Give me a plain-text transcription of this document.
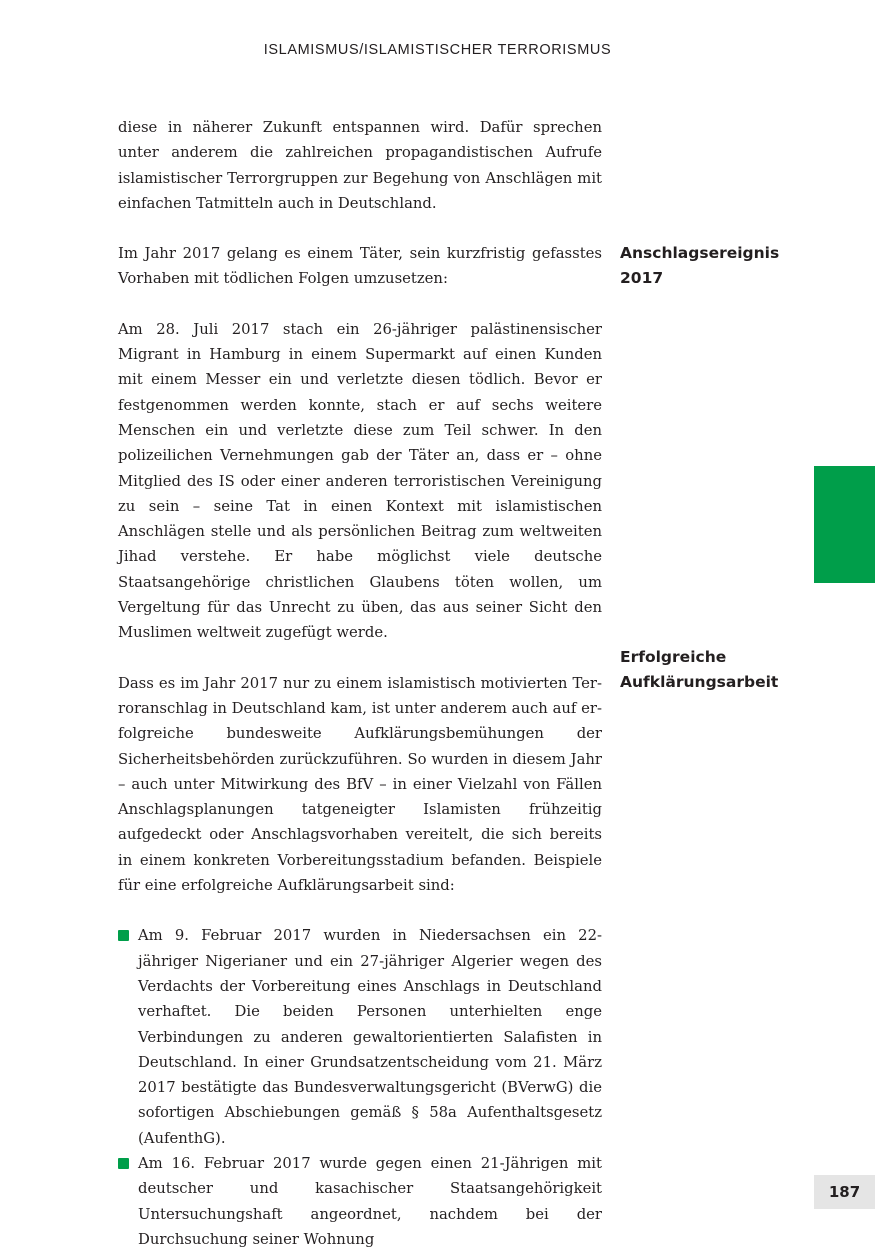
ISLAMISMUS/ISLAMISTISCHER TERRORISMUS

diese in näherer Zukunft entspannen wird. Dafür sprechen unter anderem die zahlreichen propagandistischen Aufrufe islamistischer Terrorgruppen zur Begehung von Anschlägen mit einfachen Tatmitteln auch in Deutschland.

Im Jahr 2017 gelang es einem Täter, sein kurzfristig gefasstes Vorhaben mit tödlichen Folgen umzusetzen:

Am 28. Juli 2017 stach ein 26-jähriger palästinensischer Migrant in Hamburg in einem Supermarkt auf einen Kunden mit einem Messer ein und verletzte diesen tödlich. Bevor er festgenommen werden konnte, stach er auf sechs weitere Menschen ein und verletzte diese zum Teil schwer. In den polizeilichen Vernehmungen gab der Täter an, dass er – ohne Mitglied des IS oder einer anderen terroristischen Vereinigung zu sein – seine Tat in einen Kontext mit islamistischen Anschlägen stelle und als persönlichen Beitrag zum weltweiten Jihad verstehe. Er habe möglichst viele deutsche Staatsangehörige christlichen Glaubens töten wollen, um Vergeltung für das Unrecht zu üben, das aus seiner Sicht den Muslimen weltweit zugefügt werde.

Dass es im Jahr 2017 nur zu einem islamistisch motivierten Terroranschlag in Deutschland kam, ist unter anderem auch auf erfolgreiche bundesweite Aufklärungsbemühungen der Sicherheitsbehörden zurückzuführen. So wurden in diesem Jahr – auch unter Mitwirkung des BfV – in einer Vielzahl von Fällen Anschlagsplanungen tatgeneigter Islamisten frühzeitig aufgedeckt oder Anschlagsvorhaben vereitelt, die sich bereits in einem konkreten Vorbereitungsstadium befanden. Beispiele für eine erfolgreiche Aufklärungsarbeit sind:

Am 9. Februar 2017 wurden in Niedersachsen ein 22-jähriger Nigerianer und ein 27-jähriger Algerier wegen des Verdachts der Vorbereitung eines Anschlags in Deutschland verhaftet. Die beiden Personen unterhielten enge Verbindungen zu anderen gewaltorientierten Salafisten in Deutschland. In einer Grundsatzentscheidung vom 21. März 2017 bestätigte das Bundesverwaltungsgericht (BVerwG) die sofortigen Abschiebungen gemäß § 58a Aufenthaltsgesetz (AufenthG).
Am 16. Februar 2017 wurde gegen einen 21-Jährigen mit deutscher und kasachischer Staatsangehörigkeit Untersuchungshaft angeordnet, nachdem bei der Durchsuchung seiner Wohnung
Anschlagsereignis 2017
Erfolgreiche Aufklärungsarbeit
187
